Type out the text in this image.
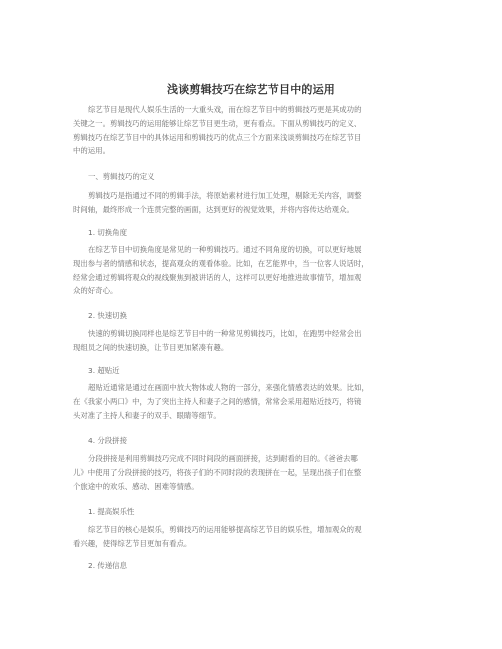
浅谈剪辑技巧在综艺节目中的运用
综艺节目是现代人娱乐生活的一大重头戏，而在综艺节目中的剪辑技巧更是其成功的
关键之一。剪辑技巧的运用能够让综艺节目更生动，更有看点。下面从剪辑技巧的定义、
剪辑技巧在综艺节目中的具体运用和剪辑技巧的优点三个方面来浅谈剪辑技巧在综艺节目
中的运用。
一、剪辑技巧的定义
剪辑技巧是指通过不同的剪辑手法，将原始素材进行加工处理，剔除无关内容，调整
时间轴，最终形成一个连贯完整的画面，达到更好的视觉效果，并将内容传达给观众。
1. 切换角度
在综艺节目中切换角度是常见的一种剪辑技巧。通过不同角度的切换，可以更好地展
现出参与者的情感和状态，提高观众的观看体验。比如，在艺能界中，当一位客人说话时，
经常会通过剪辑将观众的视线聚焦到被讲话的人，这样可以更好地推进故事情节，增加观
众的好奇心。
2. 快速切换
快速的剪辑切换同样也是综艺节目中的一种常见剪辑技巧，比如，在跑男中经常会出
现组员之间的快速切换，让节目更加紧凑有趣。
3. 超贴近
超贴近通常是通过在画面中放大物体或人物的一部分，来强化情感表达的效果。比如，
在《我家小两口》中，为了突出主持人和妻子之间的感情，常常会采用超贴近技巧，将镜
头对准了主持人和妻子的双手、眼睛等细节。
4. 分段拼接
分段拼接是利用剪辑技巧完成不同时间段的画面拼接，达到耐看的目的。《爸爸去哪
儿》中使用了分段拼接的技巧，将孩子们的不同时段的表现拼在一起，呈现出孩子们在整
个旅途中的欢乐、感动、困难等情感。
1. 提高娱乐性
综艺节目的核心是娱乐，剪辑技巧的运用能够提高综艺节目的娱乐性，增加观众的观
看兴趣，使得综艺节目更加有看点。
2. 传递信息
